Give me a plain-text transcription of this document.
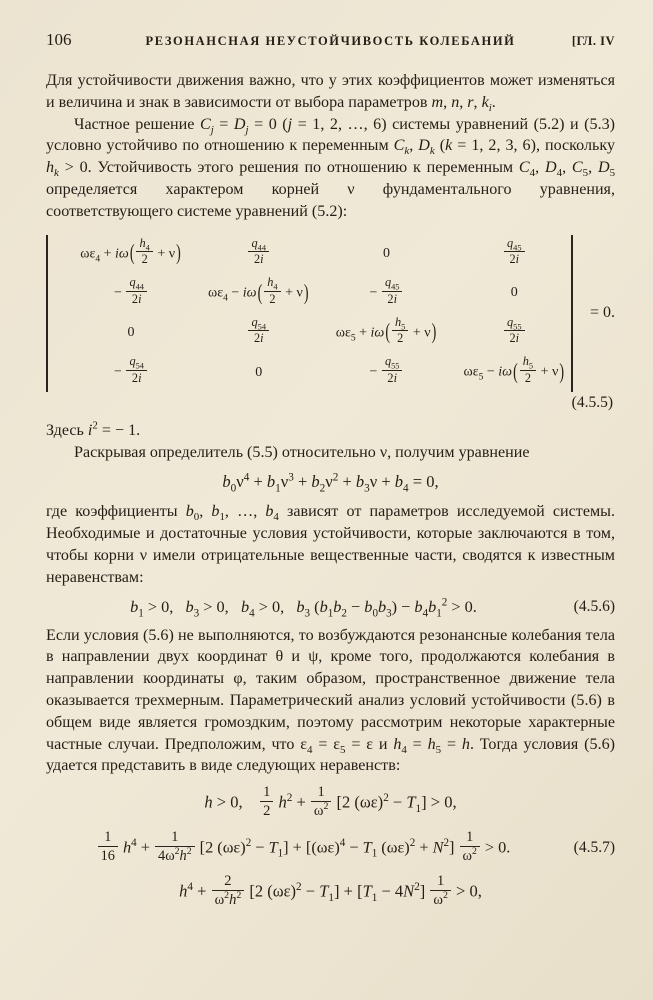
106	РЕЗОНАНСНАЯ НЕУСТОЙЧИВОСТЬ КОЛЕБАНИЙ	[ГЛ. IV

Для устойчивости движения важно, что у этих коэффициентов может изменяться и величина и знак в зависимости от выбора параметров m, n, r, $k_i$.

Частное решение $C_j = D_j = 0$ (j = 1, 2, …, 6) системы уравнений (5.2) и (5.3) условно устойчиво по отношению к переменным $C_k$, $D_k$ (k = 1, 2, 3, 6), поскольку $h_k > 0$. Устойчивость этого решения по отношению к переменным $C_4$, $D_4$, $C_5$, $D_5$ определяется характером корней ν фундаментального уравнения, соответствующего системе уравнений (5.2):

$\omega\varepsilon_4 + i\omega( \frac{h_4}{2} + \nu)$	$\frac{q_{44}}{2i}$	0	$\frac{q_{45}}{2i}$
− $\frac{q_{44}}{2i}$	$\omega\varepsilon_4 - i\omega( \frac{h_4}{2} + \nu)$	− $\frac{q_{45}}{2i}$	0
0	$\frac{q_{54}}{2i}$	$\omega\varepsilon_5 + i\omega( \frac{h_5}{2} + \nu)$	$\frac{q_{55}}{2i}$
− $\frac{q_{54}}{2i}$	0	− $\frac{q_{55}}{2i}$	$\omega\varepsilon_5 - i\omega( \frac{h_5}{2} + \nu)$
= 0.
(4.5.5)

Здесь $i^2$ = − 1.

Раскрывая определитель (5.5) относительно ν, получим уравнение

$b_0\nu^4 + b_1\nu^3 + b_2\nu^2 + b_3\nu + b_4 = 0$,

где коэффициенты $b_0$, $b_1$, …, $b_4$ зависят от параметров исследуемой системы. Необходимые и достаточные условия устойчивости, которые заключаются в том, чтобы корни ν имели отрицательные вещественные части, сводятся к известным неравенствам:

$b_1 > 0$,   $b_3 > 0$,   $b_4 > 0$,   $b_3$ $(b_1b_2 - b_0b_3) - b_4b_1^2 > 0$.	(4.5.6)

Если условия (5.6) не выполняются, то возбуждаются резонансные колебания тела в направлении двух координат θ и ψ, кроме того, продолжаются колебания в направлении координаты φ, таким образом, пространственное движение тела оказывается трехмерным. Параметрический анализ условий устойчивости (5.6) в общем виде является громоздким, поэтому рассмотрим некоторые характерные частные случаи. Предположим, что $\varepsilon_4 = \varepsilon_5 = \varepsilon$ и $h_4 = h_5 = h$. Тогда условия (5.6) удается представить в виде следующих неравенств:

h > 0, $\frac{1}{2} h^2 + \frac{1}{\omega^2} [2$ $(\omega\varepsilon)^2 - T_1] > 0$,
$\frac{1}{16} h^4 + \frac{1}{4\omega^2h^2} [2$ $(\omega\varepsilon)^2 - T_1] + [(\omega\varepsilon)^4 - T_1$ $(\omega\varepsilon)^2 + N^2] \frac{1}{\omega^2} > 0$.	(4.5.7)
$h^4 + \frac{2}{\omega^2h^2} [2$ $(\omega\varepsilon)^2 - T_1] + [T_1 - 4N^2] \frac{1}{\omega^2} > 0$,
